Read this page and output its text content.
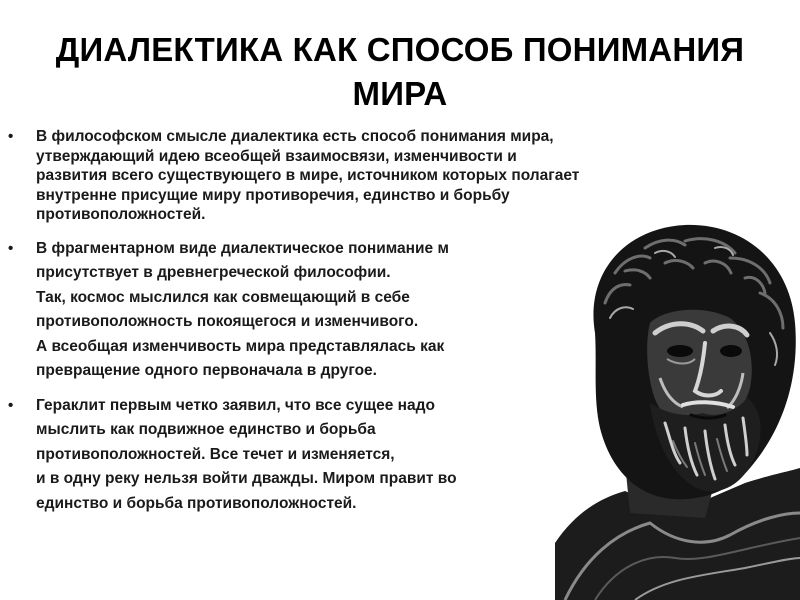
ДИАЛЕКТИКА КАК СПОСОБ ПОНИМАНИЯ
МИРА
• В философском смысле диалектика есть способ понимания мира,
утверждающий идею всеобщей взаимосвязи, изменчивости и
развития всего существующего в мире, источником которых полагает
внутренне присущие миру противоречия, единство и борьбу
противоположностей.
• В фрагментарном виде диалектическое понимание м
присутствует в древнегреческой философии.
Так, космос мыслился как совмещающий в себе
противоположность покоящегося и изменчивого.
А всеобщая изменчивость мира представлялась как
превращение одного первоначала в другое.
• Гераклит первым четко заявил, что все сущее надо
мыслить как подвижное единство и борьба
противоположностей. Все течет и изменяется,
и в одну реку нельзя войти дважды. Миром правит во
единство и борьба противоположностей.
